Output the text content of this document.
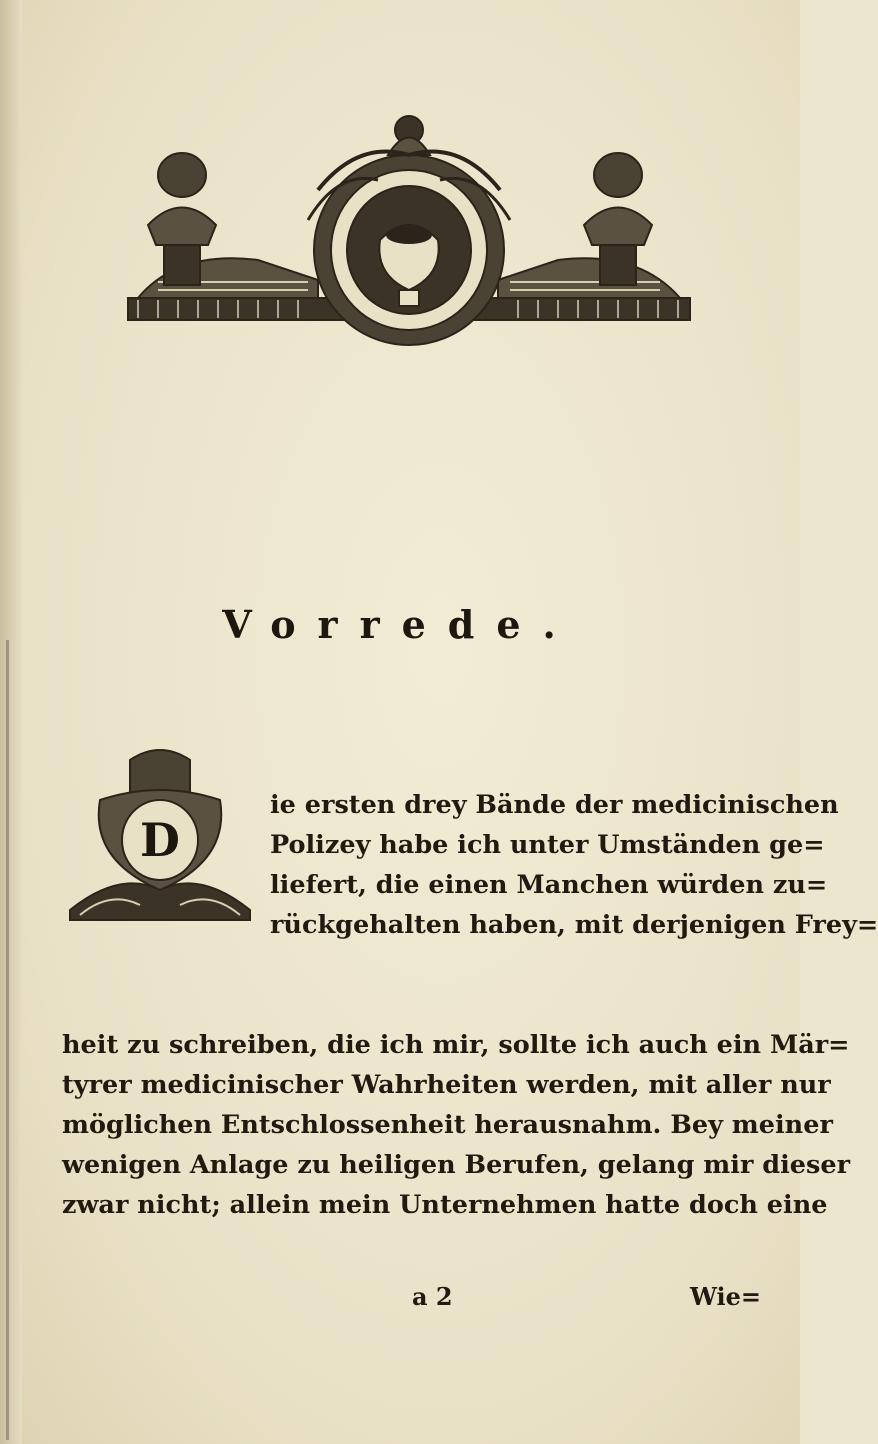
Vorrede.
D
ie ersten drey Bände der medicinischen
Polizey habe ich unter Umständen ge=
liefert, die einen Manchen würden zu=
rückgehalten haben, mit derjenigen Frey=
heit zu schreiben, die ich mir, sollte ich auch ein Mär=
tyrer medicinischer Wahrheiten werden, mit aller nur
möglichen Entschlossenheit herausnahm. Bey meiner
wenigen Anlage zu heiligen Berufen, gelang mir dieser
zwar nicht; allein mein Unternehmen hatte doch eine
a 2	Wie=
